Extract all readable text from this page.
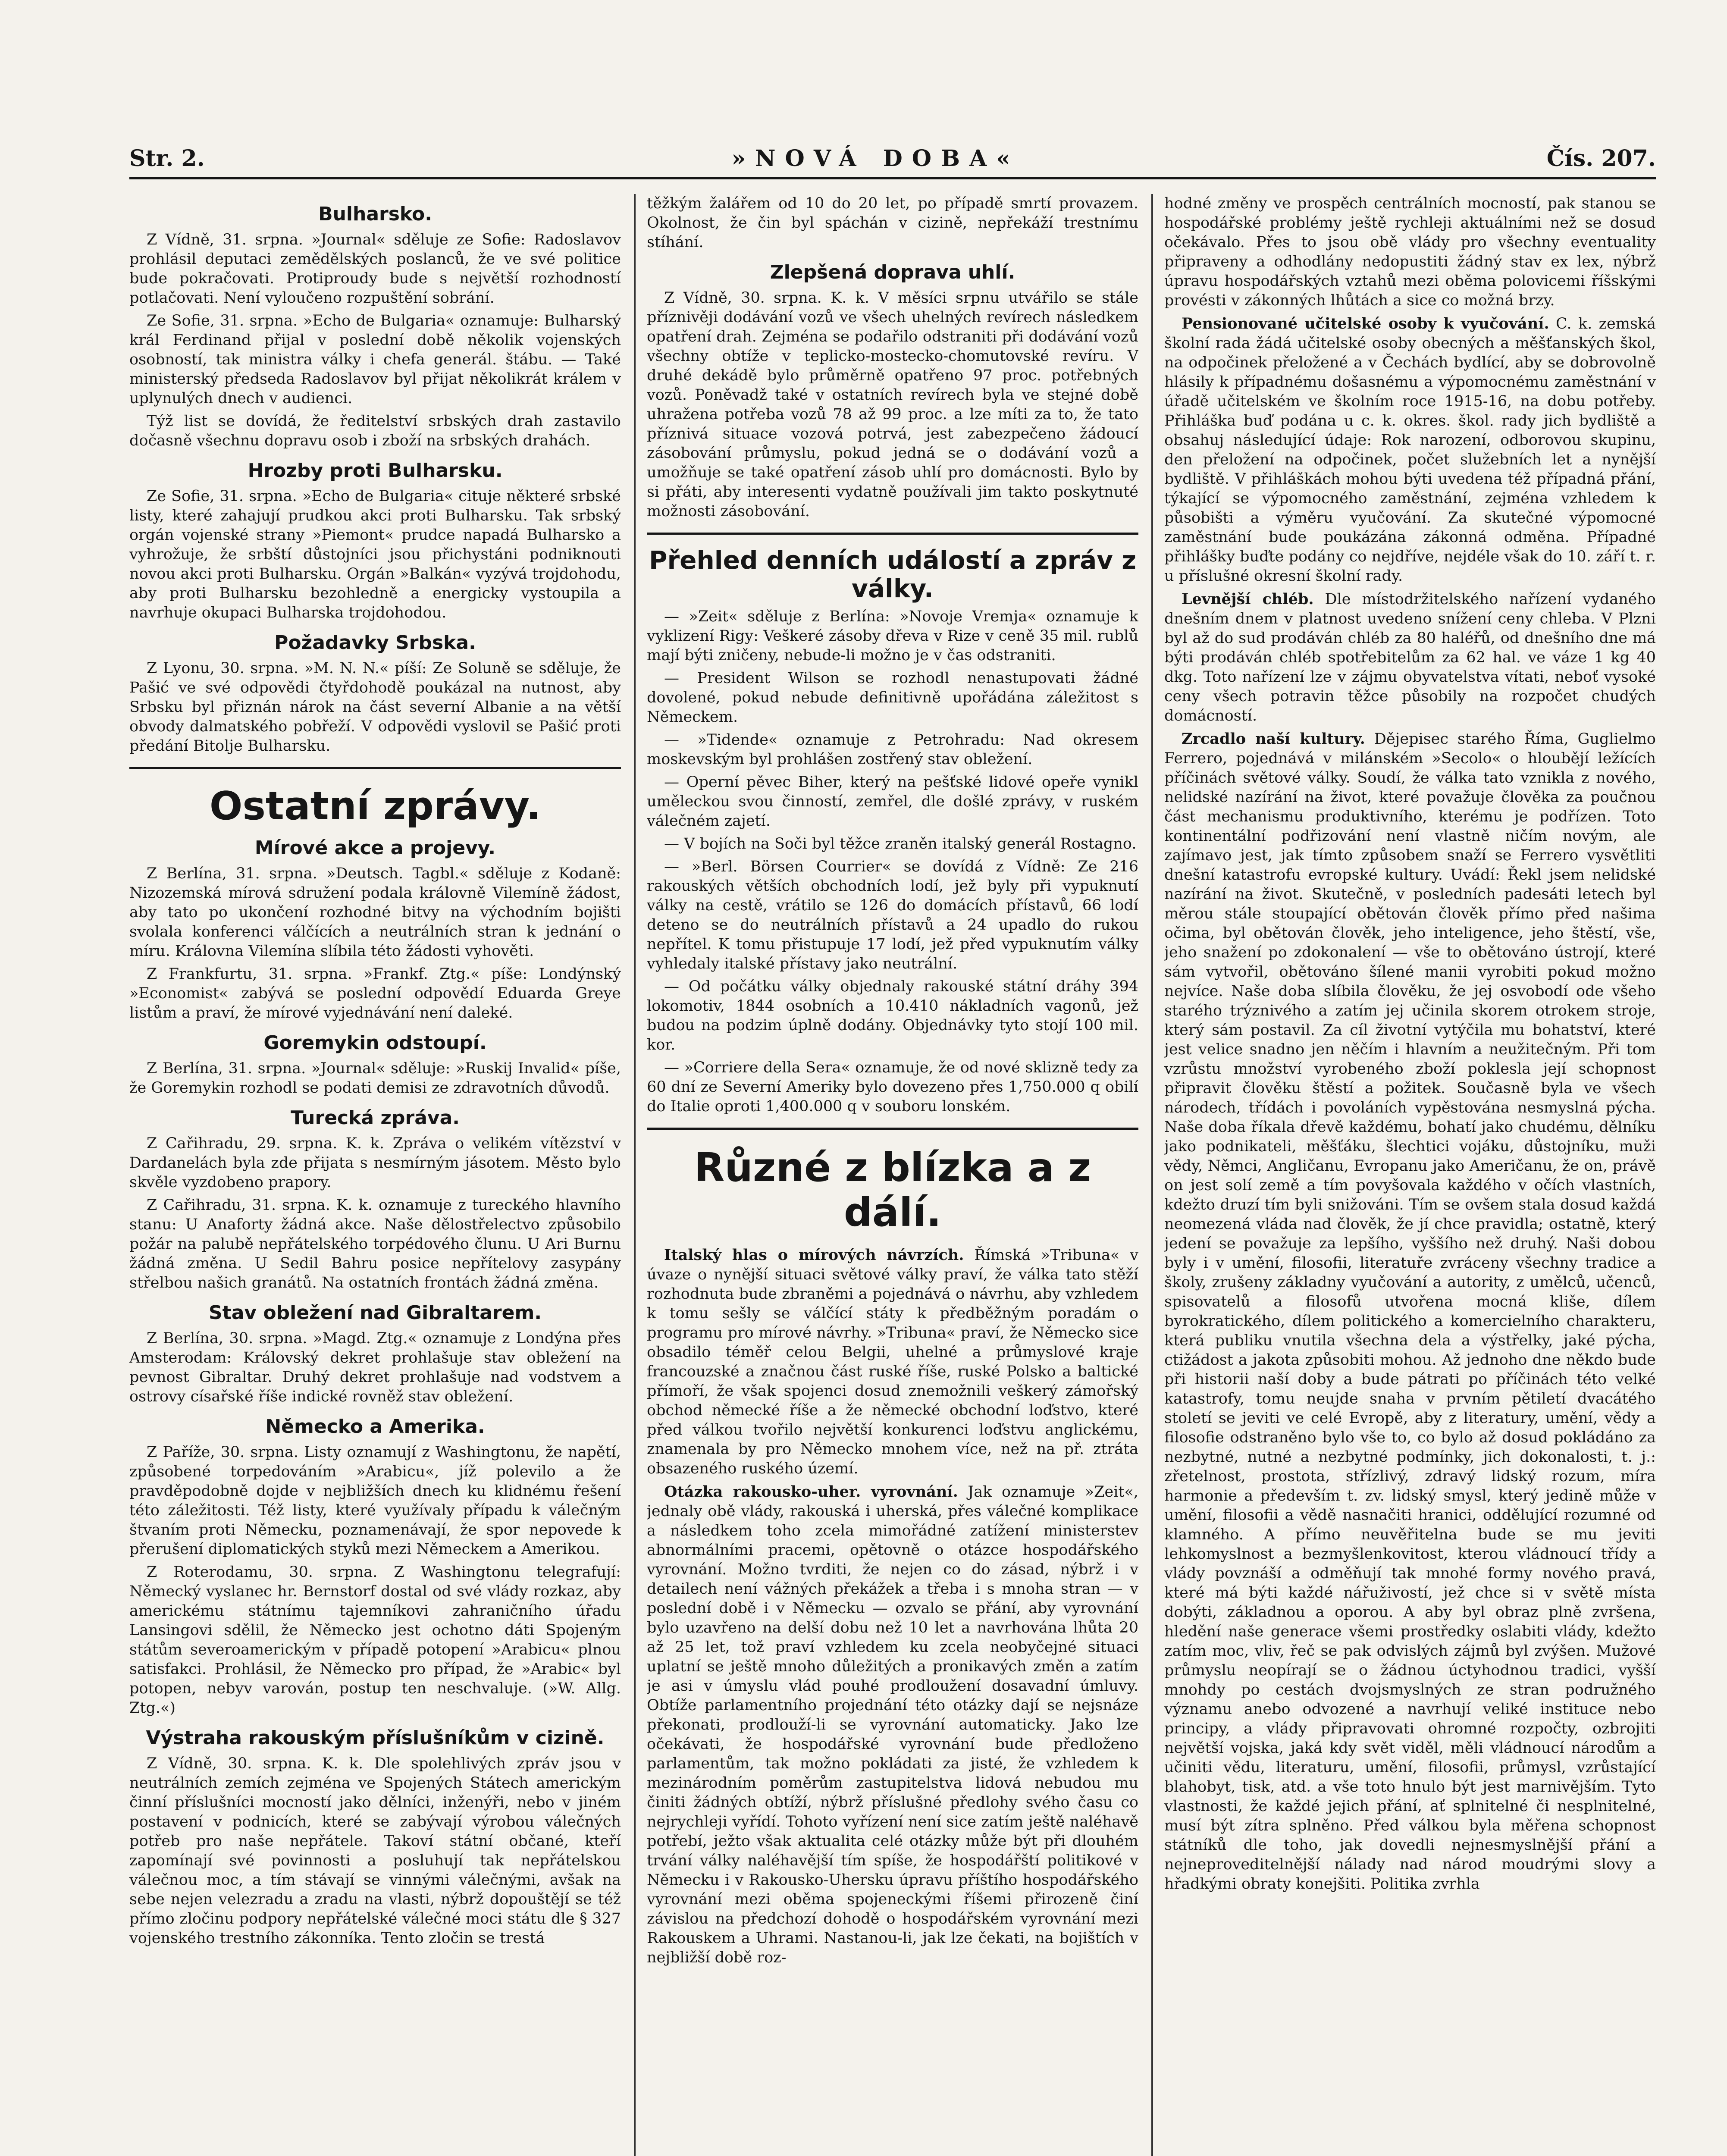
Str. 2.	»NOVÁ DOBA«	Čís. 207.
Bulharsko.

Z Vídně, 31. srpna. »Journal« sděluje ze Sofie: Radoslavov prohlásil deputaci zemědělských poslanců, že ve své politice bude pokračovati. Protiproudy bude s největší rozhodností potlačovati. Není vyloučeno rozpuštění sobrání.

Ze Sofie, 31. srpna. »Echo de Bulgaria« oznamuje: Bulharský král Ferdinand přijal v poslední době několik vojenských osobností, tak ministra války i chefa generál. štábu. — Také ministerský předseda Radoslavov byl přijat několikrát králem v uplynulých dnech v audienci.

Týž list se dovídá, že ředitelství srbských drah zastavilo dočasně všechnu dopravu osob i zboží na srbských drahách.

Hrozby proti Bulharsku.

Ze Sofie, 31. srpna. »Echo de Bulgaria« cituje některé srbské listy, které zahajují prudkou akci proti Bulharsku. Tak srbský orgán vojenské strany »Piemont« prudce napadá Bulharsko a vyhrožuje, že srbští důstojníci jsou přichystáni podniknouti novou akci proti Bulharsku. Orgán »Balkán« vyzývá trojdohodu, aby proti Bulharsku bezohledně a energicky vystoupila a navrhuje okupaci Bulharska trojdohodou.

Požadavky Srbska.

Z Lyonu, 30. srpna. »M. N. N.« píší: Ze Soluně se sděluje, že Pašić ve své odpovědi čtyřdohodě poukázal na nutnost, aby Srbsku byl přiznán nárok na část severní Albanie a na větší obvody dalmatského pobřeží. V odpovědi vyslovil se Pašić proti předání Bitolje Bulharsku.

Ostatní zprávy.
Mírové akce a projevy.

Z Berlína, 31. srpna. »Deutsch. Tagbl.« sděluje z Kodaně: Nizozemská mírová sdružení podala královně Vilemíně žádost, aby tato po ukončení rozhodné bitvy na východním bojišti svolala konferenci válčících a neutrálních stran k jednání o míru. Královna Vilemína slíbila této žádosti vyhověti.

Z Frankfurtu, 31. srpna. »Frankf. Ztg.« píše: Londýnský »Economist« zabývá se poslední odpovědí Eduarda Greye listům a praví, že mírové vyjednávání není daleké.

Goremykin odstoupí.

Z Berlína, 31. srpna. »Journal« sděluje: »Ruskij Invalid« píše, že Goremykin rozhodl se podati demisi ze zdravotních důvodů.

Turecká zpráva.

Z Cařihradu, 29. srpna. K. k. Zpráva o velikém vítězství v Dardanelách byla zde přijata s nesmírným jásotem. Město bylo skvěle vyzdobeno prapory.

Z Cařihradu, 31. srpna. K. k. oznamuje z tureckého hlavního stanu: U Anaforty žádná akce. Naše dělostřelectvo způsobilo požár na palubě nepřátelského torpédového člunu. U Ari Burnu žádná změna. U Sedil Bahru posice nepřítelovy zasypány střelbou našich granátů. Na ostatních frontách žádná změna.

Stav obležení nad Gibraltarem.

Z Berlína, 30. srpna. »Magd. Ztg.« oznamuje z Londýna přes Amsterodam: Královský dekret prohlašuje stav obležení na pevnost Gibraltar. Druhý dekret prohlašuje nad vodstvem a ostrovy císařské říše indické rovněž stav obležení.

Německo a Amerika.

Z Paříže, 30. srpna. Listy oznamují z Washingtonu, že napětí, způsobené torpedováním »Arabicu«, jíž polevilo a že pravděpodobně dojde v nejbližších dnech ku klidnému řešení této záležitosti. Též listy, které využívaly případu k válečným štvaním proti Německu, poznamenávají, že spor nepovede k přerušení diplomatických styků mezi Německem a Amerikou.

Z Roterodamu, 30. srpna. Z Washingtonu telegrafují: Německý vyslanec hr. Bernstorf dostal od své vlády rozkaz, aby americkému státnímu tajemníkovi zahraničního úřadu Lansingovi sdělil, že Německo jest ochotno dáti Spojeným státům severoamerickým v případě potopení »Arabicu« plnou satisfakci. Prohlásil, že Německo pro případ, že »Arabic« byl potopen, nebyv varován, postup ten neschvaluje. (»W. Allg. Ztg.«)

Výstraha rakouským příslušníkům v cizině.

Z Vídně, 30. srpna. K. k. Dle spolehlivých zpráv jsou v neutrálních zemích zejména ve Spojených Státech americkým činní příslušníci mocností jako dělníci, inženýři, nebo v jiném postavení v podnicích, které se zabývají výrobou válečných potřeb pro naše nepřátele. Takoví státní občané, kteří zapomínají své povinnosti a posluhují tak nepřátelskou válečnou moc, a tím stávají se vinnými válečnými, avšak na sebe nejen velezradu a zradu na vlasti, nýbrž dopouštějí se též přímo zločinu podpory nepřátelské válečné moci státu dle § 327 vojenského trestního zákonníka. Tento zločin se trestá

těžkým žalářem od 10 do 20 let, po případě smrtí provazem. Okolnost, že čin byl spáchán v cizině, nepřekáží trestnímu stíhání.

Zlepšená doprava uhlí.

Z Vídně, 30. srpna. K. k. V měsíci srpnu utvářilo se stále příznivěji dodávání vozů ve všech uhelných revírech následkem opatření drah. Zejména se podařilo odstraniti při dodávání vozů všechny obtíže v teplicko-mostecko-chomutovské revíru. V druhé dekádě bylo průměrně opatřeno 97 proc. potřebných vozů. Poněvadž také v ostatních revírech byla ve stejné době uhražena potřeba vozů 78 až 99 proc. a lze míti za to, že tato příznivá situace vozová potrvá, jest zabezpečeno žádoucí zásobování průmyslu, pokud jedná se o dodávání vozů a umožňuje se také opatření zásob uhlí pro domácnosti. Bylo by si přáti, aby interesenti vydatně používali jim takto poskytnuté možnosti zásobování.

Přehled denních událostí a zpráv z války.

— »Zeit« sděluje z Berlína: »Novoje Vremja« oznamuje k vyklizení Rigy: Veškeré zásoby dřeva v Rize v ceně 35 mil. rublů mají býti zničeny, nebude-li možno je v čas odstraniti.

— President Wilson se rozhodl nenastupovati žádné dovolené, pokud nebude definitivně upořádána záležitost s Německem.

— »Tidende« oznamuje z Petrohradu: Nad okresem moskevským byl prohlášen zostřený stav obležení.

— Operní pěvec Biher, který na pešťské lidové opeře vynikl uměleckou svou činností, zemřel, dle došlé zprávy, v ruském válečném zajetí.

— V bojích na Soči byl těžce zraněn italský generál Rostagno.

— »Berl. Börsen Courrier« se dovídá z Vídně: Ze 216 rakouských větších obchodních lodí, jež byly při vypuknutí války na cestě, vrátilo se 126 do domácích přístavů, 66 lodí deteno se do neutrálních přístavů a 24 upadlo do rukou nepřítel. K tomu přistupuje 17 lodí, jež před vypuknutím války vyhledaly italské přístavy jako neutrální.

— Od počátku války objednaly rakouské státní dráhy 394 lokomotiv, 1844 osobních a 10.410 nákladních vagonů, jež budou na podzim úplně dodány. Objednávky tyto stojí 100 mil. kor.

— »Corriere della Sera« oznamuje, že od nové sklizně tedy za 60 dní ze Severní Ameriky bylo dovezeno přes 1,750.000 q obilí do Italie oproti 1,400.000 q v souboru lonském.

Různé z blízka a z dálí.

Italský hlas o mírových návrzích. Římská »Tribuna« v úvaze o nynější situaci světové války praví, že válka tato stěží rozhodnuta bude zbraněmi a pojednává o návrhu, aby vzhledem k tomu sešly se válčící státy k předběžným poradám o programu pro mírové návrhy. »Tribuna« praví, že Německo sice obsadilo téměř celou Belgii, uhelné a průmyslové kraje francouzské a značnou část ruské říše, ruské Polsko a baltické přímoří, že však spojenci dosud znemožnili veškerý zámořský obchod německé říše a že německé obchodní loďstvo, které před válkou tvořilo největší konkurenci loďstvu anglickému, znamenala by pro Německo mnohem více, než na př. ztráta obsazeného ruského území.

Otázka rakousko-uher. vyrovnání. Jak oznamuje »Zeit«, jednaly obě vlády, rakouská i uherská, přes válečné komplikace a následkem toho zcela mimořádné zatížení ministerstev abnormálními pracemi, opětovně o otázce hospodářského vyrovnání. Možno tvrditi, že nejen co do zásad, nýbrž i v detailech není vážných překážek a třeba i s mnoha stran — v poslední době i v Německu — ozvalo se přání, aby vyrovnání bylo uzavřeno na delší dobu než 10 let a navrhována lhůta 20 až 25 let, tož praví vzhledem ku zcela neobyčejné situaci uplatní se ještě mnoho důležitých a pronikavých změn a zatím je asi v úmyslu vlád pouhé prodloužení dosavadní úmluvy. Obtíže parlamentního projednání této otázky dají se nejsnáze překonati, prodlouží-li se vyrovnání automaticky. Jako lze očekávati, že hospodářské vyrovnání bude předloženo parlamentům, tak možno pokládati za jisté, že vzhledem k mezinárodním poměrům zastupitelstva lidová nebudou mu činiti žádných obtíží, nýbrž příslušné předlohy svého času co nejrychleji vyřídí. Tohoto vyřízení není sice zatím ještě naléhavě potřebí, ježto však aktualita celé otázky může být při dlouhém trvání války naléhavější tím spíše, že hospodářští politikové v Německu i v Rakousko-Uhersku úpravu příštího hospodářského vyrovnání mezi oběma spojeneckými říšemi přirozeně činí závislou na předchozí dohodě o hospodářském vyrovnání mezi Rakouskem a Uhrami. Nastanou-li, jak lze čekati, na bojištích v nejbližší době roz-

hodné změny ve prospěch centrálních mocností, pak stanou se hospodářské problémy ještě rychleji aktuálními než se dosud očekávalo. Přes to jsou obě vlády pro všechny eventuality připraveny a odhodlány nedopustiti žádný stav ex lex, nýbrž úpravu hospodářských vztahů mezi oběma polovicemi říšskými provésti v zákonných lhůtách a sice co možná brzy.

Pensionované učitelské osoby k vyučování. C. k. zemská školní rada žádá učitelské osoby obecných a měšťanských škol, na odpočinek přeložené a v Čechách bydlící, aby se dobrovolně hlásily k případnému došasnému a výpomocnému zaměstnání v úřadě učitelském ve školním roce 1915-16, na dobu potřeby. Přihláška buď podána u c. k. okres. škol. rady jich bydliště a obsahuj následující údaje: Rok narození, odborovou skupinu, den přeložení na odpočinek, počet služebních let a nynější bydliště. V přihláškách mohou býti uvedena též případná přání, týkající se výpomocného zaměstnání, zejména vzhledem k působišti a výměru vyučování. Za skutečné výpomocné zaměstnání bude poukázána zákonná odměna. Případné přihlášky buďte podány co nejdříve, nejdéle však do 10. září t. r. u příslušné okresní školní rady.

Levnější chléb. Dle místodržitelského nařízení vydaného dnešním dnem v platnost uvedeno snížení ceny chleba. V Plzni byl až do sud prodáván chléb za 80 haléřů, od dnešního dne má býti prodáván chléb spotřebitelům za 62 hal. ve váze 1 kg 40 dkg. Toto nařízení lze v zájmu obyvatelstva vítati, neboť vysoké ceny všech potravin těžce působily na rozpočet chudých domácností.

Zrcadlo naší kultury. Dějepisec starého Říma, Guglielmo Ferrero, pojednává v milánském »Secolo« o hloubějí ležících příčinách světové války. Soudí, že válka tato vznikla z nového, nelidské nazírání na život, které považuje člověka za poučnou část mechanismu produktivního, kterému je podřízen. Toto kontinentální podřizování není vlastně ničím novým, ale zajímavo jest, jak tímto způsobem snaží se Ferrero vysvětliti dnešní katastrofu evropské kultury. Uvádí: Řekl jsem nelidské nazírání na život. Skutečně, v posledních padesáti letech byl měrou stále stoupající obětován člověk přímo před našima očima, byl obětován člověk, jeho inteligence, jeho štěstí, vše, jeho snažení po zdokonalení — vše to obětováno ústrojí, které sám vytvořil, obětováno šílené manii vyrobiti pokud možno nejvíce. Naše doba slíbila člověku, že jej osvobodí ode všeho starého trýznivého a zatím jej učinila skorem otrokem stroje, který sám postavil. Za cíl životní vytýčila mu bohatství, které jest velice snadno jen něčím i hlavním a neužitečným. Při tom vzrůstu množství vyrobeného zboží poklesla její schopnost připravit člověku štěstí a požitek. Současně byla ve všech národech, třídách i povoláních vypěstována nesmyslná pýcha. Naše doba říkala dřevě každému, bohatí jako chudému, dělníku jako podnikateli, měšťáku, šlechtici vojáku, důstojníku, muži vědy, Němci, Angličanu, Evropanu jako Američanu, že on, právě on jest solí země a tím povyšovala každého v očích vlastních, kdežto druzí tím byli snižováni. Tím se ovšem stala dosud každá neomezená vláda nad člověk, že jí chce pravidla; ostatně, který jedení se považuje za lepšího, vyššího než druhý. Naši dobou byly i v umění, filosofii, literatuře zvráceny všechny tradice a školy, zrušeny základny vyučování a autority, z umělců, učenců, spisovatelů a filosofů utvořena mocná kliše, dílem byrokratického, dílem politického a komercielního charakteru, která publiku vnutila všechna dela a výstřelky, jaké pýcha, ctižádost a jakota způsobiti mohou. Až jednoho dne někdo bude při historii naší doby a bude pátrati po příčinách této velké katastrofy, tomu neujde snaha v prvním pětiletí dvacátého století se jeviti ve celé Evropě, aby z literatury, umění, vědy a filosofie odstraněno bylo vše to, co bylo až dosud pokládáno za nezbytné, nutné a nezbytné podmínky, jich dokonalosti, t. j.: zřetelnost, prostota, střízlivý, zdravý lidský rozum, míra harmonie a především t. zv. lidský smysl, který jedině může v umění, filosofii a vědě nasnačiti hranici, oddělující rozumné od klamného. A přímo neuvěřitelna bude se mu jeviti lehkomyslnost a bezmyšlenkovitost, kterou vládnoucí třídy a vlády povznáší a odměňují tak mnohé formy nového pravá, které má býti každé nářuživostí, jež chce si v světě místa dobýti, základnou a oporou. A aby byl obraz plně zvršena, hledění naše generace všemi prostředky oslabiti vlády, kdežto zatím moc, vliv, řeč se pak odvislých zájmů byl zvýšen. Mužové průmyslu neopírají se o žádnou úctyhodnou tradici, vyšší mnohdy po cestách dvojsmyslných ze stran podružného významu anebo odvozené a navrhují veliké instituce nebo principy, a vlády připravovati ohromné rozpočty, ozbrojiti největší vojska, jaká kdy svět viděl, měli vládnoucí národům a učiniti vědu, literaturu, umění, filosofii, průmysl, vzrůstající blahobyt, tisk, atd. a vše toto hnulo být jest marnivějším. Tyto vlastnosti, že každé jejich přání, ať splnitelné či nesplnitelné, musí být zítra splněno. Před válkou byla měřena schopnost státníků dle toho, jak dovedli nejnesmyslnější přání a nejneproveditelnější nálady nad národ moudrými slovy a hřadkými obraty konejšiti. Politika zvrhla
